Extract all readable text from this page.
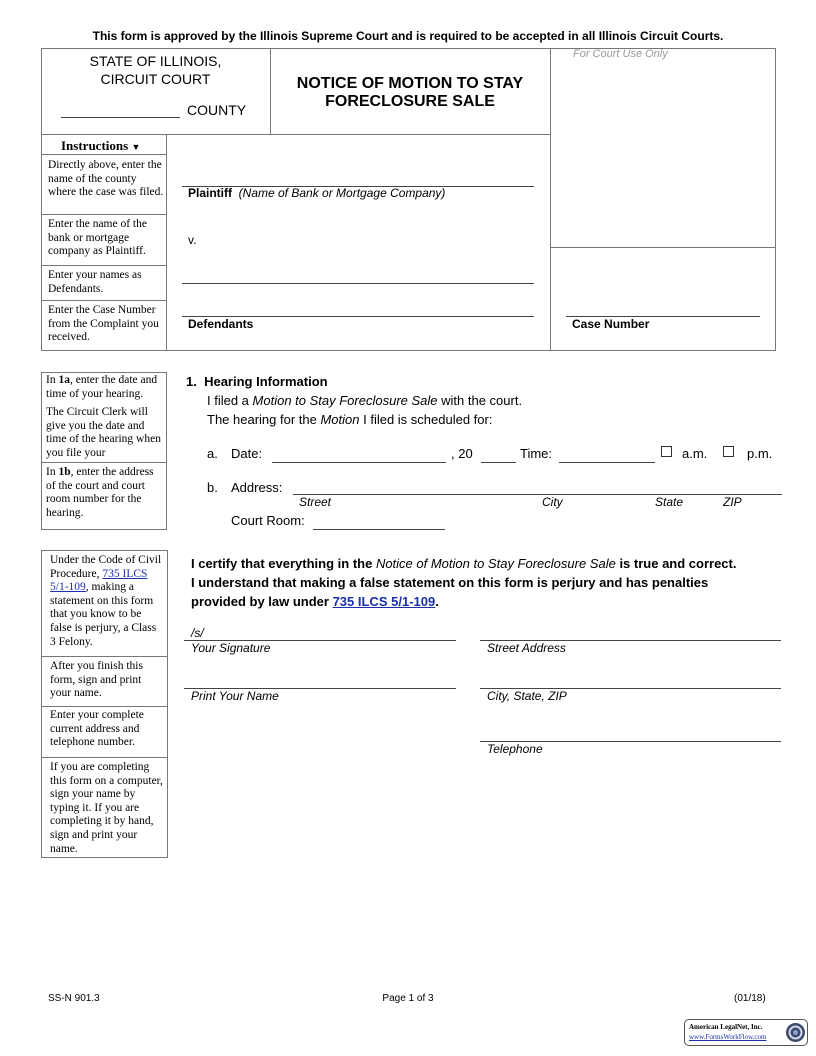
This form is approved by the Illinois Supreme Court and is required to be accepted in all Illinois Circuit Courts.
STATE OF ILLINOIS,
CIRCUIT COURT
COUNTY
NOTICE OF MOTION TO STAY
FORECLOSURE SALE
For Court Use Only
Instructions ▼
Directly above, enter the name of the county where the case was filed.
Enter the name of the bank or mortgage company as Plaintiff.
Enter your names as Defendants.
Enter the Case Number from the Complaint you received.
Plaintiff (Name of Bank or Mortgage Company)
v.
Defendants	Case Number
In 1a, enter the date and time of your hearing.
The Circuit Clerk will give you the date and time of the hearing when you file your
In 1b, enter the address of the court and court room number for the hearing.
1. Hearing Information
I filed a Motion to Stay Foreclosure Sale with the court.
The hearing for the Motion I filed is scheduled for:
a. Date:	, 20	Time:	a.m.	p.m.
b. Address:
Street	City	State	ZIP
Court Room:
Under the Code of Civil Procedure, 735 ILCS 5/1-109, making a statement on this form that you know to be false is perjury, a Class 3 Felony.
After you finish this form, sign and print your name.
Enter your complete current address and telephone number.
If you are completing this form on a computer, sign your name by typing it. If you are completing it by hand, sign and print your name.
I certify that everything in the Notice of Motion to Stay Foreclosure Sale is true and correct.
I understand that making a false statement on this form is perjury and has penalties
provided by law under 735 ILCS 5/1-109.
/s/
Your Signature	Street Address
Print Your Name	City, State, ZIP
Telephone
SS-N 901.3	Page 1 of 3	(01/18)
American LegalNet, Inc.
www.FormsWorkFlow.com
